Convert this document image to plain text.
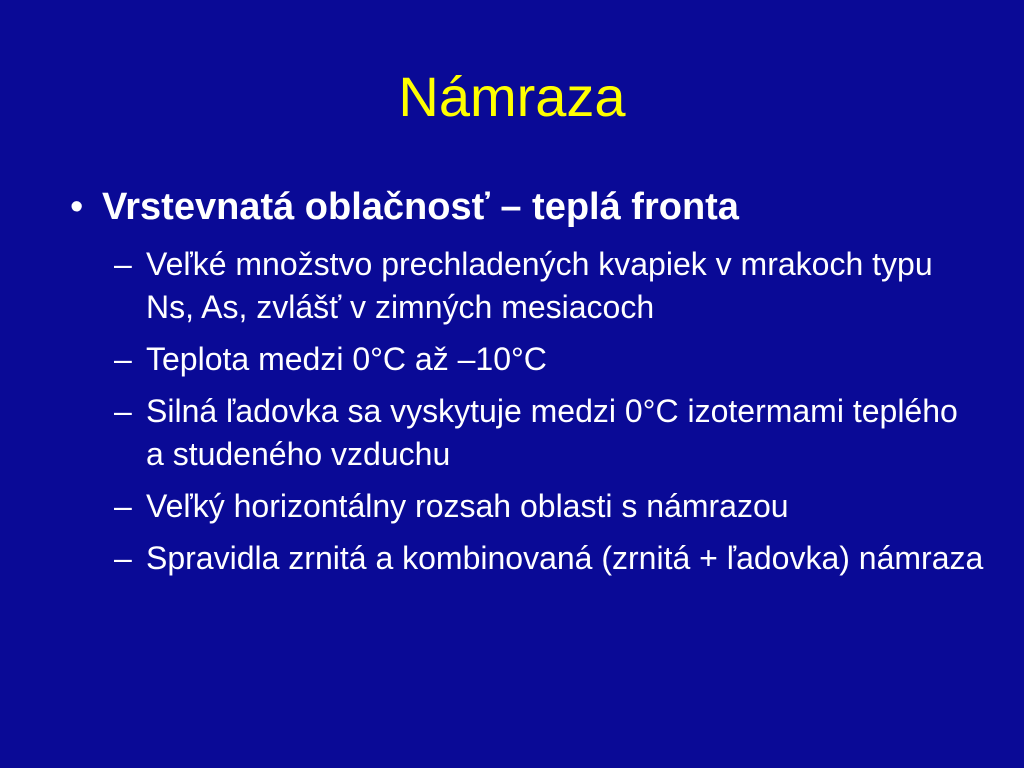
Námraza
• Vrstevnatá oblačnosť – teplá fronta
– Veľké množstvo prechladených kvapiek v mrakoch typu Ns, As, zvlášť v zimných mesiacoch
– Teplota medzi 0°C až –10°C
– Silná ľadovka sa vyskytuje medzi 0°C izotermami teplého a studeného vzduchu
– Veľký horizontálny rozsah oblasti s námrazou
– Spravidla zrnitá a kombinovaná (zrnitá + ľadovka) námraza
